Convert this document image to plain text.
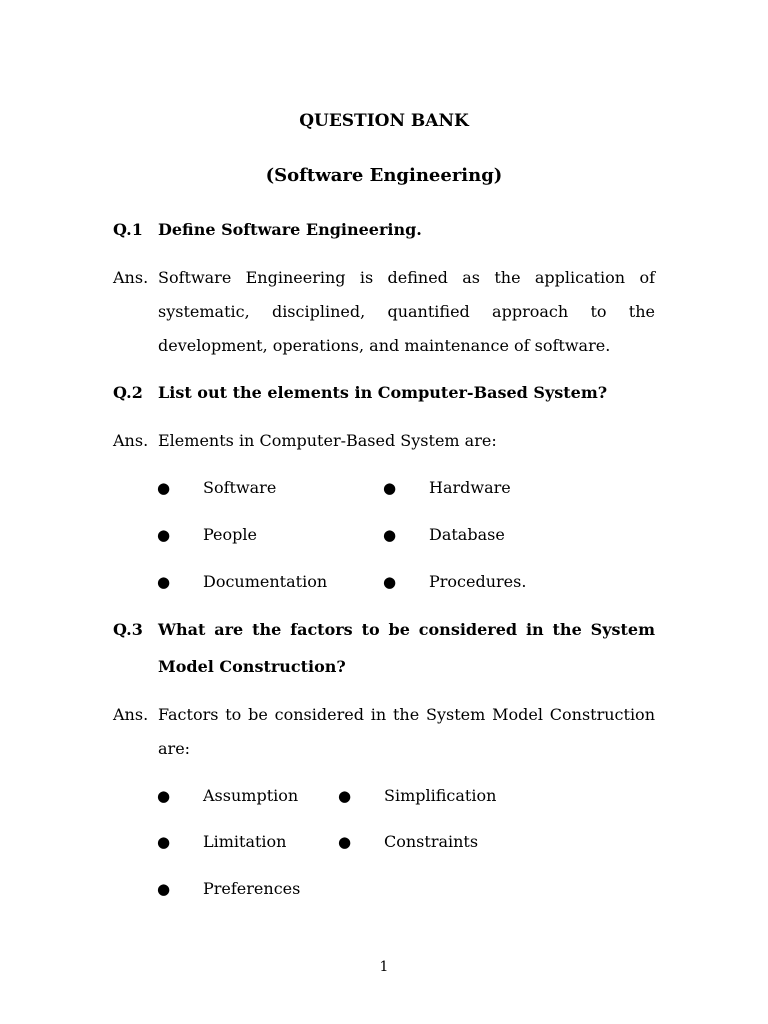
QUESTION BANK
(Software Engineering)
Q.1 Define Software Engineering.
Ans. Software Engineering is defined as the application of
systematic, disciplined, quantified approach to the
development, operations, and maintenance of software.
Q.2 List out the elements in Computer-Based System?
Ans. Elements in Computer-Based System are:
● Software	● Hardware
● People	● Database
● Documentation	● Procedures.
Q.3 What are the factors to be considered in the System
Model Construction?
Ans. Factors to be considered in the System Model Construction
are:
● Assumption	● Simplification
● Limitation	● Constraints
● Preferences
1
